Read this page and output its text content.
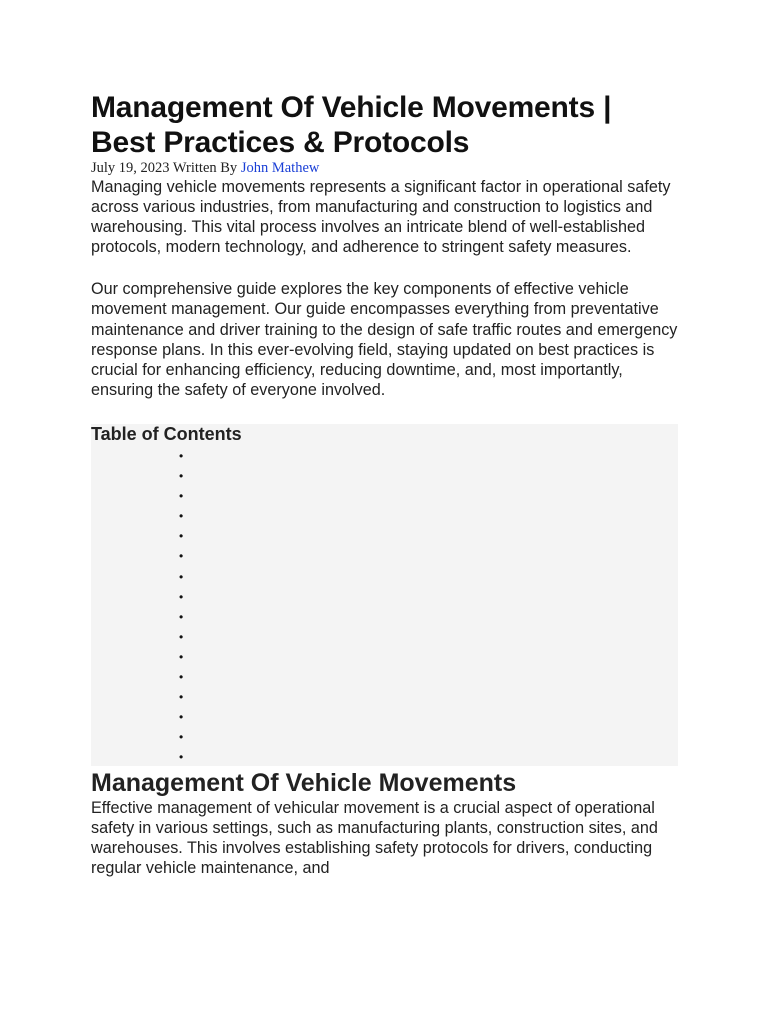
Management Of Vehicle Movements | Best Practices & Protocols
July 19, 2023 Written By John Mathew

Managing vehicle movements represents a significant factor in operational safety across various industries, from manufacturing and construction to logistics and warehousing. This vital process involves an intricate blend of well-established protocols, modern technology, and adherence to stringent safety measures.

Our comprehensive guide explores the key components of effective vehicle movement management. Our guide encompasses everything from preventative maintenance and driver training to the design of safe traffic routes and emergency response plans. In this ever-evolving field, staying updated on best practices is crucial for enhancing efficiency, reducing downtime, and, most importantly, ensuring the safety of everyone involved.

Table of Contents
•
•
•
•
•
•
•
•
•
•
•
•
•
•
•
•
Management Of Vehicle Movements

Effective management of vehicular movement is a crucial aspect of operational safety in various settings, such as manufacturing plants, construction sites, and warehouses. This involves establishing safety protocols for drivers, conducting regular vehicle maintenance, and
